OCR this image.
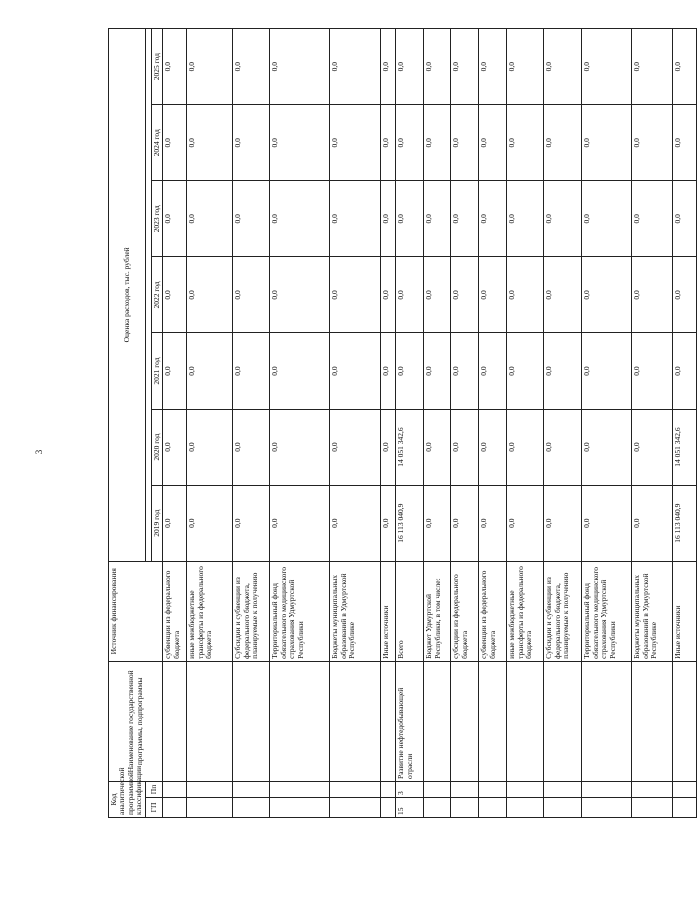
3
Код аналитической программной классификации		Наименование государственной программы, подпрограммы	Источник финансирования	Оценка расходов, тыс. рублей						
ГП	Пп									
				2019 год	2020 год	2021 год	2022 год	2023 год	2024 год	2025 год
			субвенции из федерального бюджета	0,0	0,0	0,0	0,0	0,0	0,0	0,0
			иные межбюджетные трансферты из федерального бюджета	0,0	0,0	0,0	0,0	0,0	0,0	0,0
			Субсидии и субвенции из федерального бюджета, планируемые к получению	0,0	0,0	0,0	0,0	0,0	0,0	0,0
			Территориальный фонд обязательного медицинского страхования Удмуртской Республики	0,0	0,0	0,0	0,0	0,0	0,0	0,0
			Бюджеты муниципальных образований в Удмуртской Республике	0,0	0,0	0,0	0,0	0,0	0,0	0,0
			Иные источники	0,0	0,0	0,0	0,0	0,0	0,0	0,0
15	3	Развитие нефтедобывающей отрасли	Всего	16 113 040,9	14 051 342,6	0,0	0,0	0,0	0,0	0,0
			Бюджет Удмуртской Республики, в том числе:	0,0	0,0	0,0	0,0	0,0	0,0	0,0
			субсидии из федерального бюджета	0,0	0,0	0,0	0,0	0,0	0,0	0,0
			субвенции из федерального бюджета	0,0	0,0	0,0	0,0	0,0	0,0	0,0
			иные межбюджетные трансферты из федерального бюджета	0,0	0,0	0,0	0,0	0,0	0,0	0,0
			Субсидии и субвенции из федерального бюджета, планируемые к получению	0,0	0,0	0,0	0,0	0,0	0,0	0,0
			Территориальный фонд обязательного медицинского страхования Удмуртской Республики	0,0	0,0	0,0	0,0	0,0	0,0	0,0
			Бюджеты муниципальных образований в Удмуртской Республике	0,0	0,0	0,0	0,0	0,0	0,0	0,0
			Иные источники	16 113 040,9	14 051 342,6	0,0	0,0	0,0	0,0	0,0
